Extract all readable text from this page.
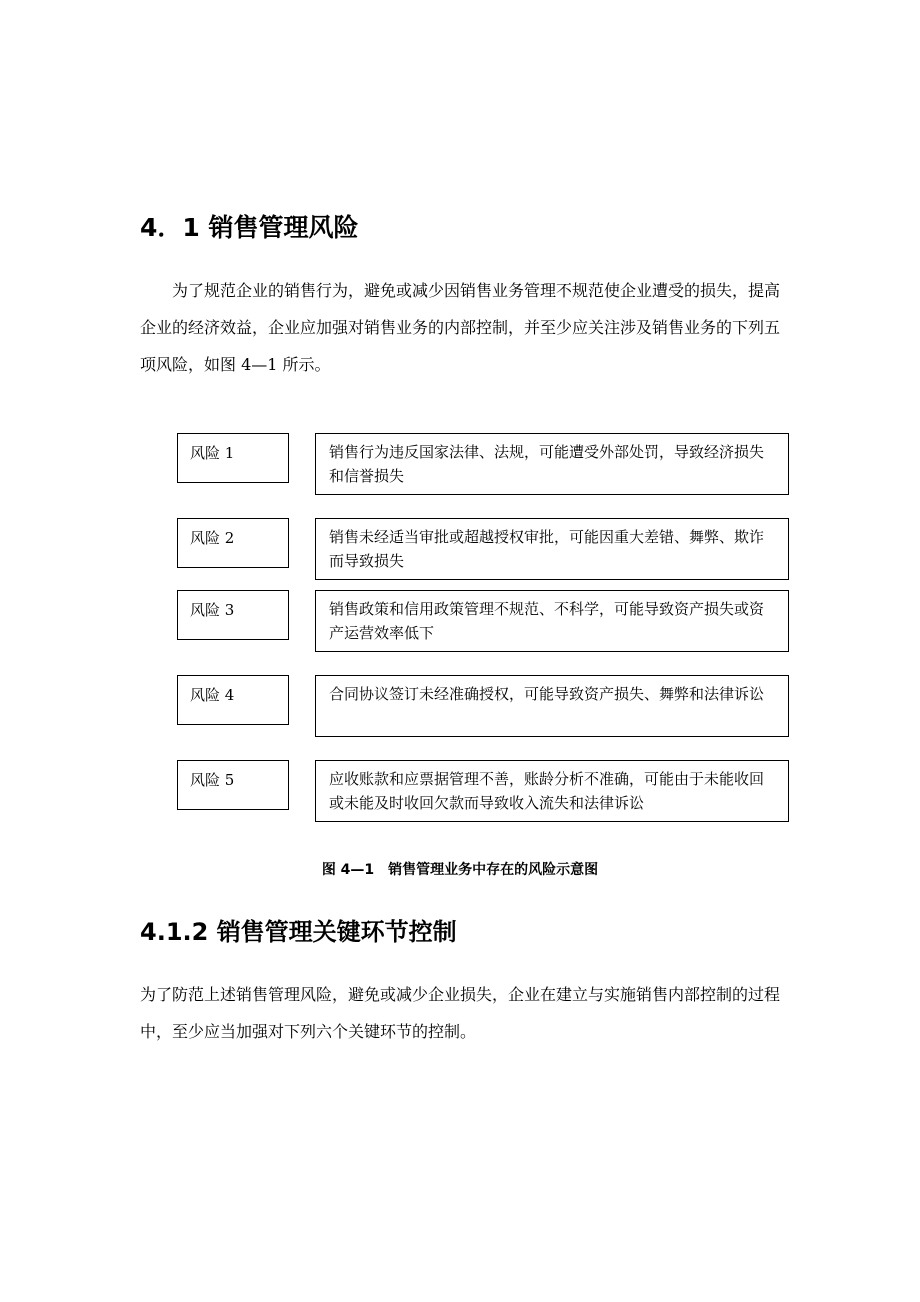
4．1 销售管理风险

为了规范企业的销售行为，避免或减少因销售业务管理不规范使企业遭受的损失，提高企业的经济效益，企业应加强对销售业务的内部控制，并至少应关注涉及销售业务的下列五项风险，如图 4—1 所示。

风险 1	销售行为违反国家法律、法规，可能遭受外部处罚，导致经济损失和信誉损失
风险 2	销售未经适当审批或超越授权审批，可能因重大差错、舞弊、欺诈而导致损失
风险 3	销售政策和信用政策管理不规范、不科学，可能导致资产损失或资产运营效率低下
风险 4	合同协议签订未经准确授权，可能导致资产损失、舞弊和法律诉讼
风险 5	应收账款和应票据管理不善，账龄分析不准确，可能由于未能收回或未能及时收回欠款而导致收入流失和法律诉讼

图 4—1　销售管理业务中存在的风险示意图

4.1.2 销售管理关键环节控制

为了防范上述销售管理风险，避免或减少企业损失，企业在建立与实施销售内部控制的过程中，至少应当加强对下列六个关键环节的控制。
